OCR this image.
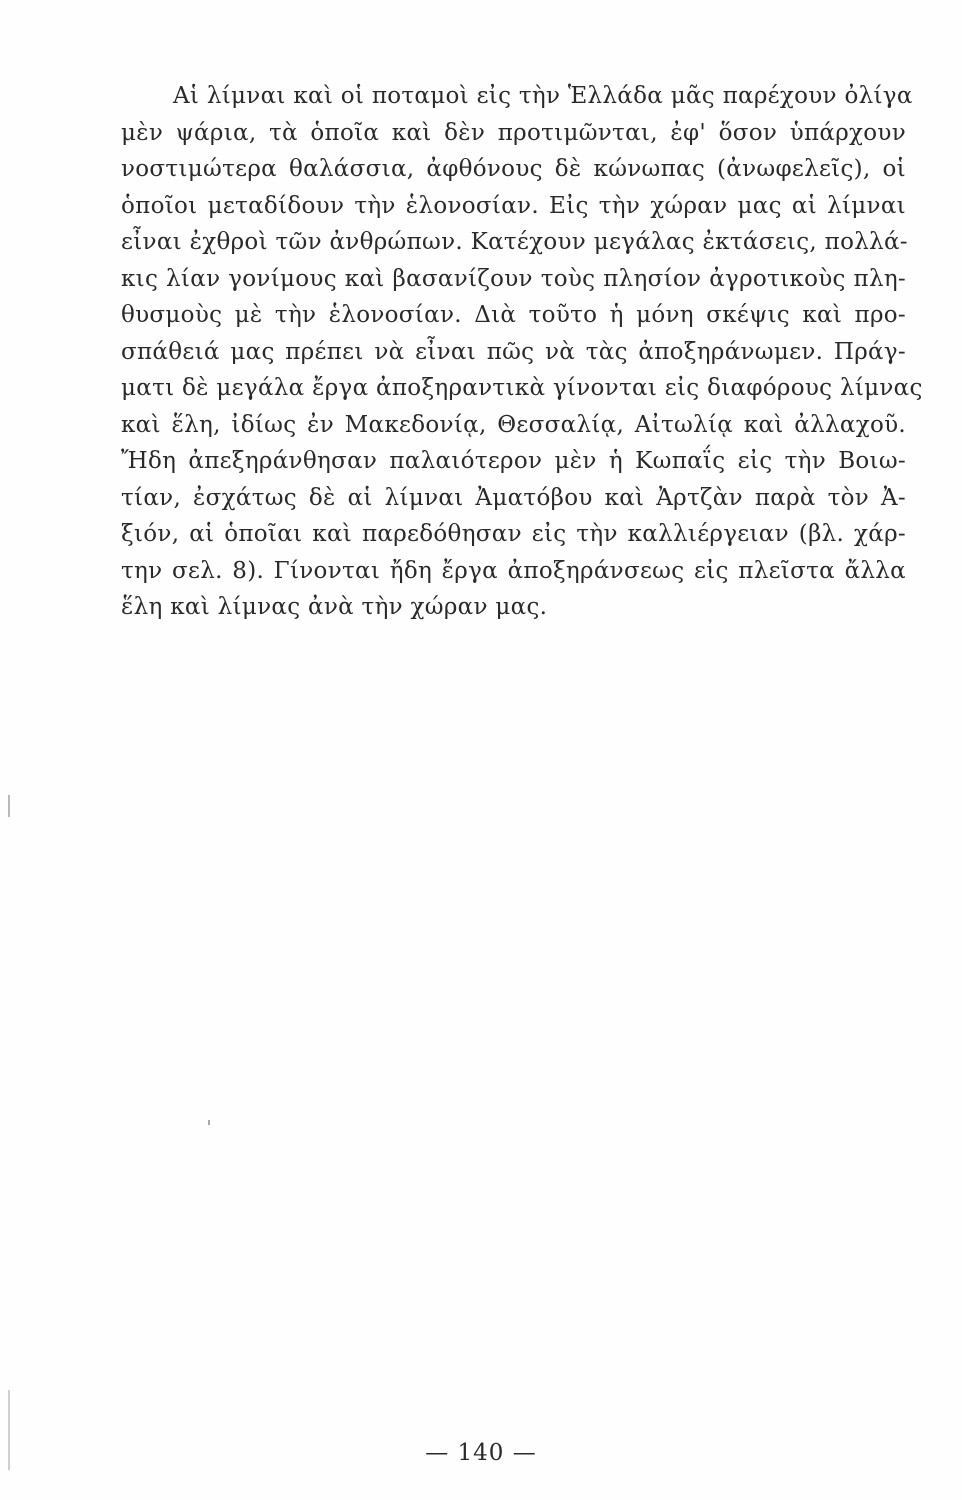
Αἱ λίμναι καὶ οἱ ποταμοὶ εἰς τὴν Ἑλλάδα μᾶς παρέχουν ὀλίγα
μὲν ψάρια, τὰ ὁποῖα καὶ δὲν προτιμῶνται, ἐφ' ὅσον ὑπάρχουν
νοστιμώτερα θαλάσσια, ἀφθόνους δὲ κώνωπας (ἀνωφελεῖς), οἱ
ὁποῖοι μεταδίδουν τὴν ἑλονοσίαν. Εἰς τὴν χώραν μας αἱ λίμναι
εἶναι ἐχθροὶ τῶν ἀνθρώπων. Κατέχουν μεγάλας ἐκτάσεις, πολλά-
κις λίαν γονίμους καὶ βασανίζουν τοὺς πλησίον ἀγροτικοὺς πλη-
θυσμοὺς μὲ τὴν ἑλονοσίαν. Διὰ τοῦτο ἡ μόνη σκέψις καὶ προ-
σπάθειά μας πρέπει νὰ εἶναι πῶς νὰ τὰς ἀποξηράνωμεν. Πράγ-
ματι δὲ μεγάλα ἔργα ἀποξηραντικὰ γίνονται εἰς διαφόρους λίμνας
καὶ ἕλη, ἰδίως ἐν Μακεδονίᾳ, Θεσσαλίᾳ, Αἰτωλίᾳ καὶ ἀλλαχοῦ.
Ἤδη ἀπεξηράνθησαν παλαιότερον μὲν ἡ Κωπαΐς εἰς τὴν Βοιω-
τίαν, ἐσχάτως δὲ αἱ λίμναι Ἀματόβου καὶ Ἀρτζὰν παρὰ τὸν Ἀ-
ξιόν, αἱ ὁποῖαι καὶ παρεδόθησαν εἰς τὴν καλλιέργειαν (βλ. χάρ-
την σελ. 8). Γίνονται ἤδη ἔργα ἀποξηράνσεως εἰς πλεῖστα ἄλλα
ἕλη καὶ λίμνας ἀνὰ τὴν χώραν μας.
— 140 —
